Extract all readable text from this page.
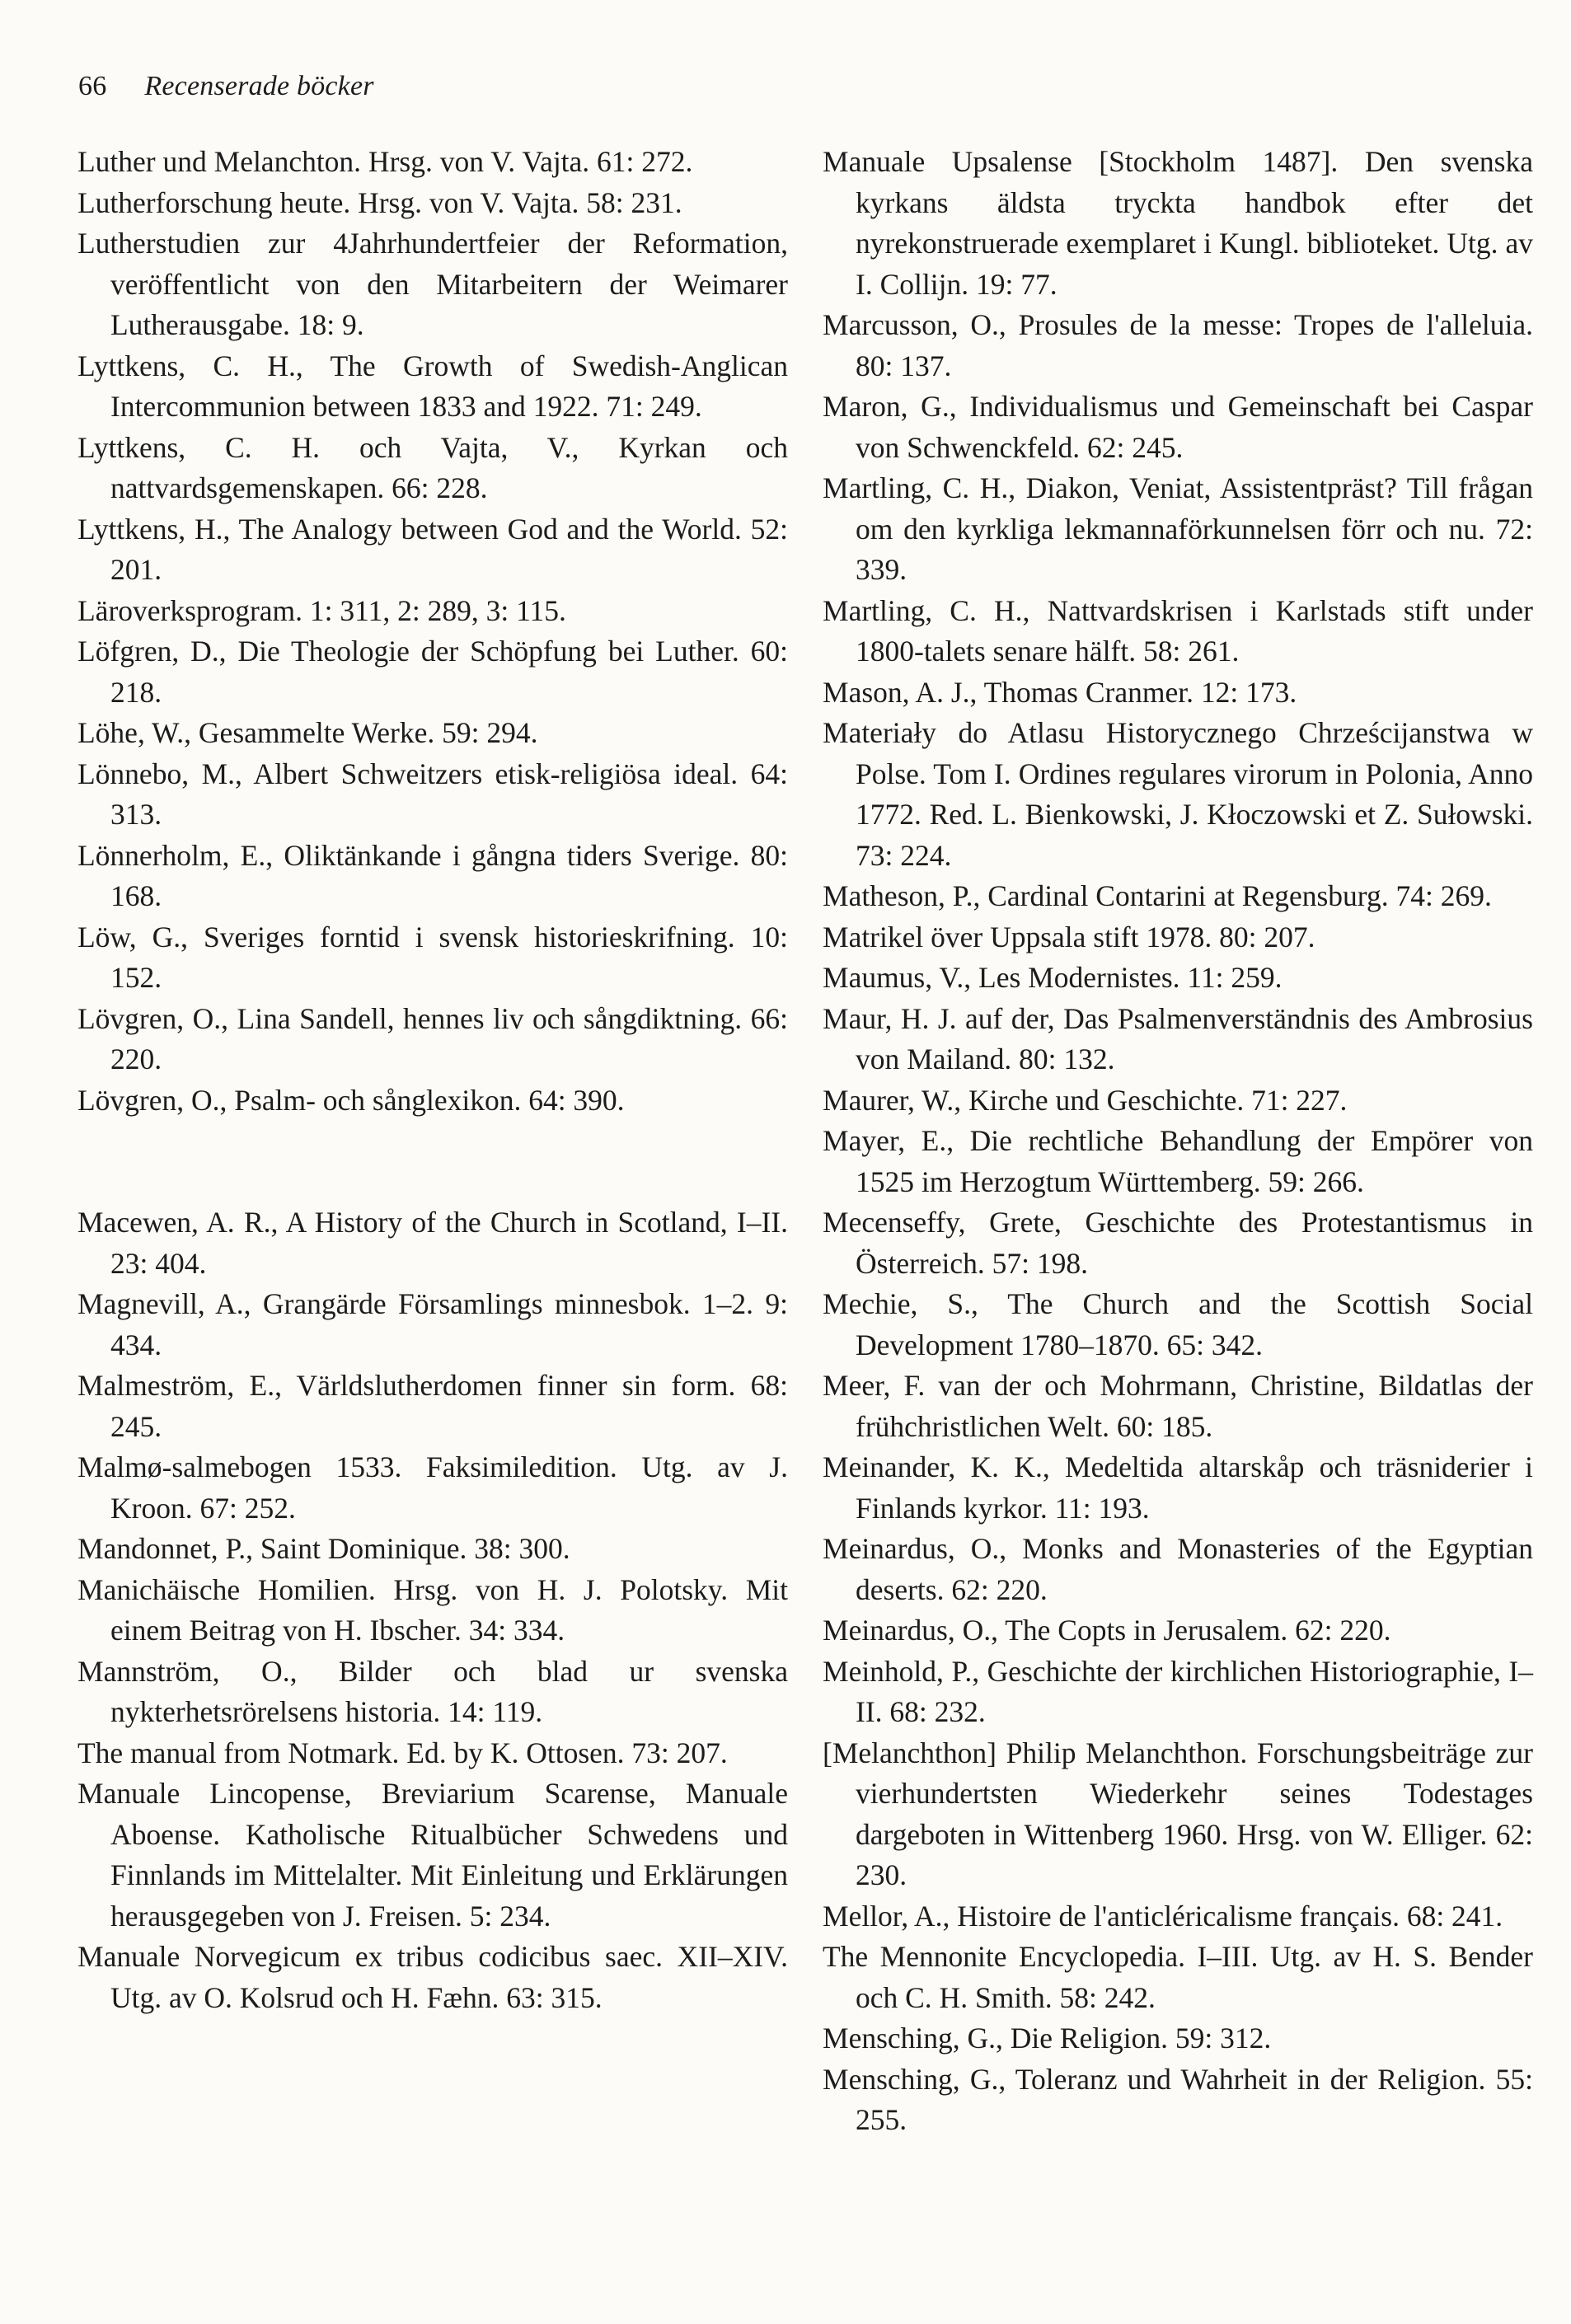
66 Recenserade böcker

Luther und Melanchton. Hrsg. von V. Vajta. 61: 272.

Lutherforschung heute. Hrsg. von V. Vajta. 58: 231.

Lutherstudien zur 4Jahrhundertfeier der Reformation, veröffentlicht von den Mitarbeitern der Weimarer Lutherausgabe. 18: 9.

Lyttkens, C. H., The Growth of Swedish-Anglican Intercommunion between 1833 and 1922. 71: 249.

Lyttkens, C. H. och Vajta, V., Kyrkan och nattvardsgemenskapen. 66: 228.

Lyttkens, H., The Analogy between God and the World. 52: 201.

Läroverksprogram. 1: 311, 2: 289, 3: 115.

Löfgren, D., Die Theologie der Schöpfung bei Luther. 60: 218.

Löhe, W., Gesammelte Werke. 59: 294.

Lönnebo, M., Albert Schweitzers etisk-religiösa ideal. 64: 313.

Lönnerholm, E., Oliktänkande i gångna tiders Sverige. 80: 168.

Löw, G., Sveriges forntid i svensk historieskrifning. 10: 152.

Lövgren, O., Lina Sandell, hennes liv och sångdiktning. 66: 220.

Lövgren, O., Psalm- och sånglexikon. 64: 390.

Macewen, A. R., A History of the Church in Scotland, I–II. 23: 404.

Magnevill, A., Grangärde Församlings minnesbok. 1–2. 9: 434.

Malmeström, E., Världslutherdomen finner sin form. 68: 245.

Malmø-salmebogen 1533. Faksimiledition. Utg. av J. Kroon. 67: 252.

Mandonnet, P., Saint Dominique. 38: 300.

Manichäische Homilien. Hrsg. von H. J. Polotsky. Mit einem Beitrag von H. Ibscher. 34: 334.

Mannström, O., Bilder och blad ur svenska nykterhetsrörelsens historia. 14: 119.

The manual from Notmark. Ed. by K. Ottosen. 73: 207.

Manuale Lincopense, Breviarium Scarense, Manuale Aboense. Katholische Ritualbücher Schwedens und Finnlands im Mittelalter. Mit Einleitung und Erklärungen herausgegeben von J. Freisen. 5: 234.

Manuale Norvegicum ex tribus codicibus saec. XII–XIV. Utg. av O. Kolsrud och H. Fæhn. 63: 315.

Manuale Upsalense [Stockholm 1487]. Den svenska kyrkans äldsta tryckta handbok efter det nyrekonstruerade exemplaret i Kungl. biblioteket. Utg. av I. Collijn. 19: 77.

Marcusson, O., Prosules de la messe: Tropes de l'alleluia. 80: 137.

Maron, G., Individualismus und Gemeinschaft bei Caspar von Schwenckfeld. 62: 245.

Martling, C. H., Diakon, Veniat, Assistentpräst? Till frågan om den kyrkliga lekmannaförkunnelsen förr och nu. 72: 339.

Martling, C. H., Nattvardskrisen i Karlstads stift under 1800-talets senare hälft. 58: 261.

Mason, A. J., Thomas Cranmer. 12: 173.

Materiały do Atlasu Historycznego Chrześcijanstwa w Polse. Tom I. Ordines regulares virorum in Polonia, Anno 1772. Red. L. Bienkowski, J. Kłoczowski et Z. Sułowski. 73: 224.

Matheson, P., Cardinal Contarini at Regensburg. 74: 269.

Matrikel över Uppsala stift 1978. 80: 207.

Maumus, V., Les Modernistes. 11: 259.

Maur, H. J. auf der, Das Psalmenverständnis des Ambrosius von Mailand. 80: 132.

Maurer, W., Kirche und Geschichte. 71: 227.

Mayer, E., Die rechtliche Behandlung der Empörer von 1525 im Herzogtum Württemberg. 59: 266.

Mecenseffy, Grete, Geschichte des Protestantismus in Österreich. 57: 198.

Mechie, S., The Church and the Scottish Social Development 1780–1870. 65: 342.

Meer, F. van der och Mohrmann, Christine, Bildatlas der frühchristlichen Welt. 60: 185.

Meinander, K. K., Medeltida altarskåp och träsniderier i Finlands kyrkor. 11: 193.

Meinardus, O., Monks and Monasteries of the Egyptian deserts. 62: 220.

Meinardus, O., The Copts in Jerusalem. 62: 220.

Meinhold, P., Geschichte der kirchlichen Historiographie, I–II. 68: 232.

[Melanchthon] Philip Melanchthon. Forschungsbeiträge zur vierhundertsten Wiederkehr seines Todestages dargeboten in Wittenberg 1960. Hrsg. von W. Elliger. 62: 230.

Mellor, A., Histoire de l'anticléricalisme français. 68: 241.

The Mennonite Encyclopedia. I–III. Utg. av H. S. Bender och C. H. Smith. 58: 242.

Mensching, G., Die Religion. 59: 312.

Mensching, G., Toleranz und Wahrheit in der Religion. 55: 255.
